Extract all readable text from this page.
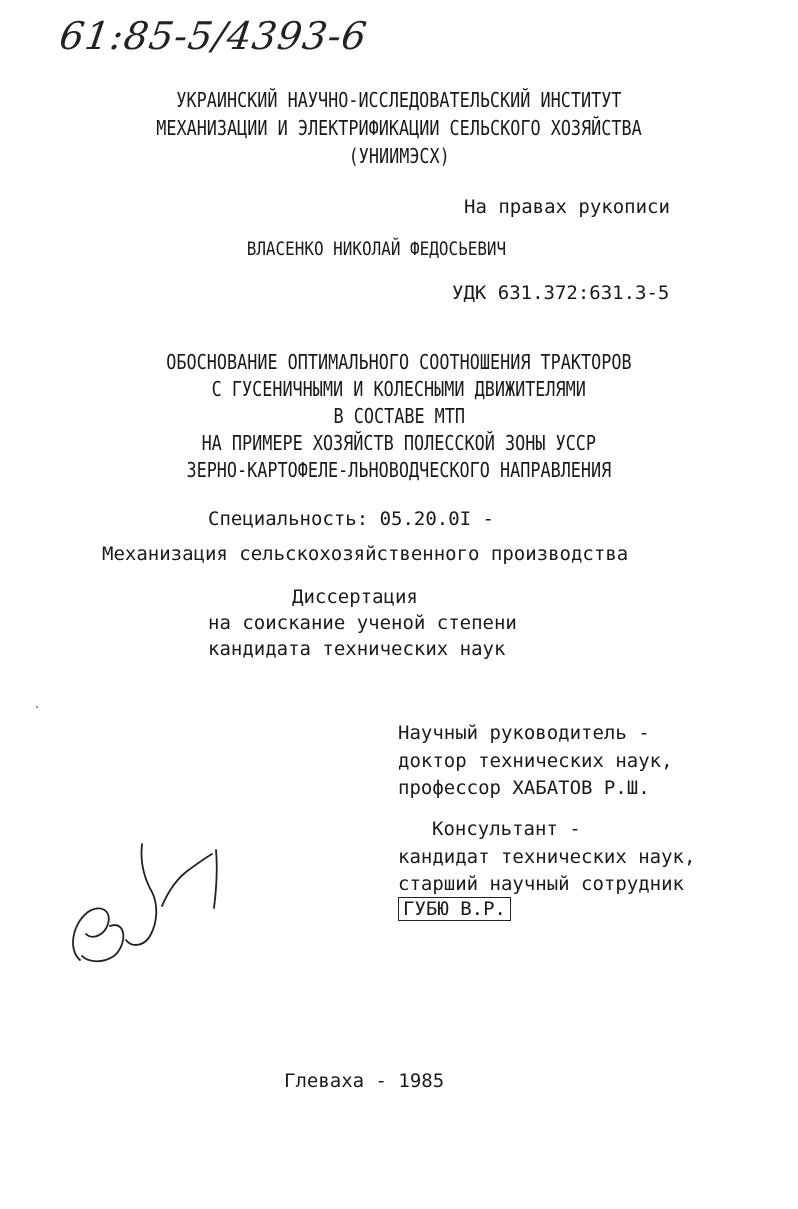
61:85-5/4393-6
УКРАИНСКИЙ НАУЧНО-ИССЛЕДОВАТЕЛЬСКИЙ ИНСТИТУТ
МЕХАНИЗАЦИИ И ЭЛЕКТРИФИКАЦИИ СЕЛЬСКОГО ХОЗЯЙСТВА
(УНИИМЭСХ)
На правах рукописи
ВЛАСЕНКО НИКОЛАЙ ФЕДОСЬЕВИЧ
УДК 631.372:631.3-5
ОБОСНОВАНИЕ ОПТИМАЛЬНОГО СООТНОШЕНИЯ ТРАКТОРОВ
С ГУСЕНИЧНЫМИ И КОЛЕСНЫМИ ДВИЖИТЕЛЯМИ
В СОСТАВЕ МТП
НА ПРИМЕРЕ ХОЗЯЙСТВ ПОЛЕССКОЙ ЗОНЫ УССР
ЗЕРНО-КАРТОФЕЛЕ-ЛЬНОВОДЧЕСКОГО НАПРАВЛЕНИЯ
Специальность: 05.20.0I -
Механизация сельскохозяйственного производства
Диссертация
на соискание ученой степени
кандидата технических наук
Научный руководитель -
доктор технических наук,
профессор ХАБАТОВ Р.Ш.
Консультант -
кандидат технических наук,
старший научный сотрудник
ГУБЮ В.Р.
Глеваха - 1985
